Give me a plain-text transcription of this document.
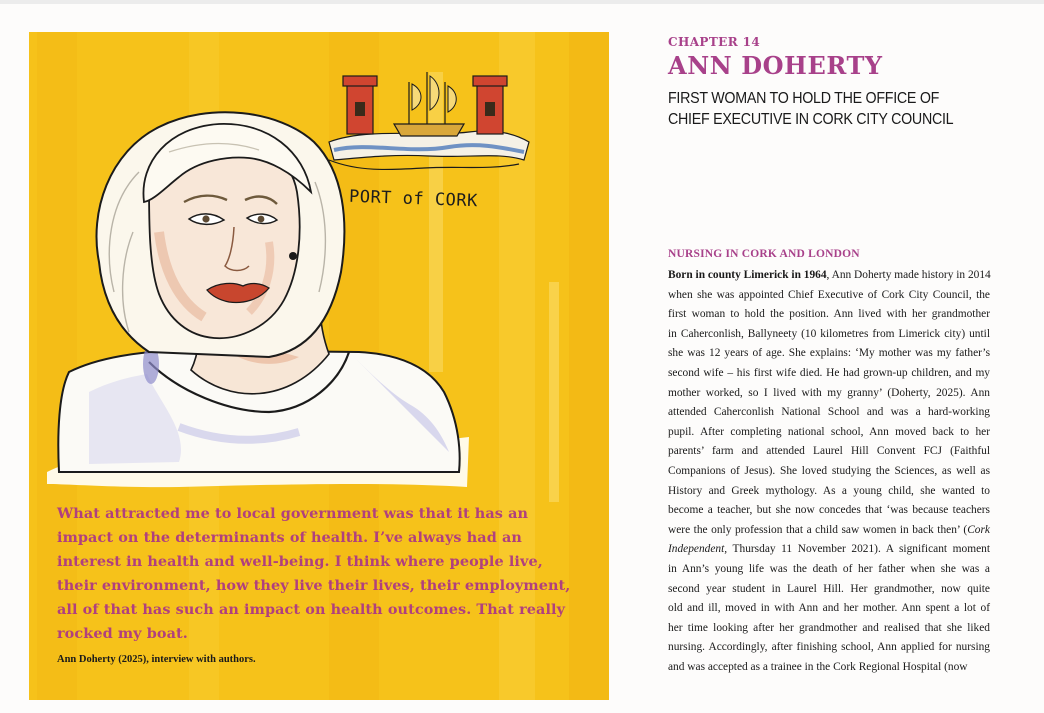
PORT of CORK

What attracted me to local government was that it has an impact on the determinants of health. I’ve always had an interest in health and well-being. I think where people live, their environment, how they live their lives, their employment, all of that has such an impact on health outcomes. That really rocked my boat.

Ann Doherty (2025), interview with authors.

CHAPTER 14

ANN DOHERTY
FIRST WOMAN TO HOLD THE OFFICE OF
CHIEF EXECUTIVE IN CORK CITY COUNCIL
NURSING IN CORK AND LONDON
Born in county Limerick in 1964, Ann Doherty made history in 2014
when she was appointed Chief Executive of Cork City Council, the
first woman to hold the position. Ann lived with her grandmother
in Caherconlish, Ballyneety (10 kilometres from Limerick city) until
she was 12 years of age. She explains: ‘My mother was my father’s
second wife – his first wife died. He had grown-up children, and my
mother worked, so I lived with my granny’ (Doherty, 2025). Ann
attended Caherconlish National School and was a hard-working
pupil. After completing national school, Ann moved back to her
parents’ farm and attended Laurel Hill Convent FCJ (Faithful
Companions of Jesus). She loved studying the Sciences, as well as
History and Greek mythology. As a young child, she wanted to
become a teacher, but she now concedes that ‘was because teachers
were the only profession that a child saw women in back then’ (Cork
Independent, Thursday 11 November 2021). A significant moment
in Ann’s young life was the death of her father when she was a
second year student in Laurel Hill. Her grandmother, now quite
old and ill, moved in with Ann and her mother. Ann spent a lot of
her time looking after her grandmother and realised that she liked
nursing. Accordingly, after finishing school, Ann applied for nursing
and was accepted as a trainee in the Cork Regional Hospital (now
